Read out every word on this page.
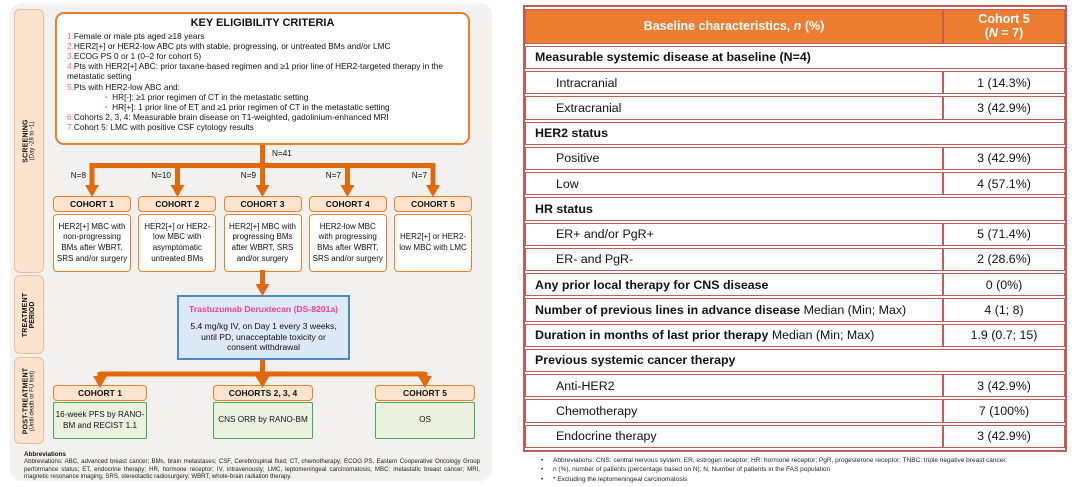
SCREENING (Day -28 to -1)
TREATMENT PERIOD
POST-TREATMENT (Until death or FU lost)
KEY ELIGIBILITY CRITERIA
1.Female or male pts aged ≥18 years
2.HER2[+] or HER2-low ABC pts with stable, progressing, or untreated BMs and/or LMC
3.ECOG PS 0 or 1 (0–2 for cohort 5)
4.Pts with HER2[+] ABC: prior taxane-based regimen and ≥1 prior line of HER2-targeted therapy in the metastatic setting
5.Pts with HER2-low ABC and:
▪ HR[-]: ≥1 prior regimen of CT in the metastatic setting
▪ HR[+]: 1 prior line of ET and ≥1 prior regimen of CT in the metastatic setting
6.Cohorts 2, 3, 4: Measurable brain disease on T1-weighted, gadolinium-enhanced MRI
7.Cohort 5: LMC with positive CSF cytology results
N=41
N=8	N=10	N=9	N=7	N=7
COHORT 1
HER2[+] MBC with non-progressing BMs after WBRT, SRS and/or surgery
COHORT 2
HER2[+] or HER2-low MBC with asymptomatic untreated BMs
COHORT 3
HER2[+] MBC with progressing BMs after WBRT, SRS and/or surgery
COHORT 4
HER2-low MBC with progressing BMs after WBRT, SRS and/or surgery
COHORT 5
HER2[+] or HER2-low MBC with LMC
Trastuzumab Deruxtecan (DS-8201a)
5.4 mg/kg IV, on Day 1 every 3 weeks, until PD, unacceptable toxicity or consent withdrawal
COHORT 1
16-week PFS by RANO-BM and RECIST 1.1
COHORTS 2, 3, 4
CNS ORR by RANO-BM
COHORT 5
OS
Abbreviations
Abbreviations: ABC, advanced breast cancer; BMs, brain metastases; CSF, Cerebrospinal fluid; CT, chemotherapy; ECOG PS, Eastern Cooperative Oncology Group performance status; ET, endocrine therapy; HR, hormone receptor; IV, intravenously; LMC, leptomeningeal carcinomatosis; MBC: metastatic breast cancer; MRI, magnetic resonance imaging; SRS, stereotactic radiosurgery; WBRT, whole-brain radiation therapy.
Baseline characteristics, n (%)	Cohort 5
(N = 7)

Measurable systemic disease at baseline (N=4)	
Intracranial	1 (14.3%)
Extracranial	3 (42.9%)
HER2 status	
Positive	3 (42.9%)
Low	4 (57.1%)
HR status	
ER+ and/or PgR+	5 (71.4%)
ER- and PgR-	2 (28.6%)
Any prior local therapy for CNS disease	0 (0%)
Number of previous lines in advance disease Median (Min; Max)	4 (1; 8)
Duration in months of last prior therapy Median (Min; Max)	1.9 (0.7; 15)
Previous systemic cancer therapy	
Anti-HER2	3 (42.9%)
Chemotherapy	7 (100%)
Endocrine therapy	3 (42.9%)
• Abbreviations: CNS: central nervous system; ER, estrogen receptor; HR: hormone receptor; PgR, progesterone receptor; TNBC: triple negative breast cancer.
• n (%), number of patients (percentage based on N); N, Number of patients in the FAS population
• * Excluding the leptomeningeal carcinomatosis
